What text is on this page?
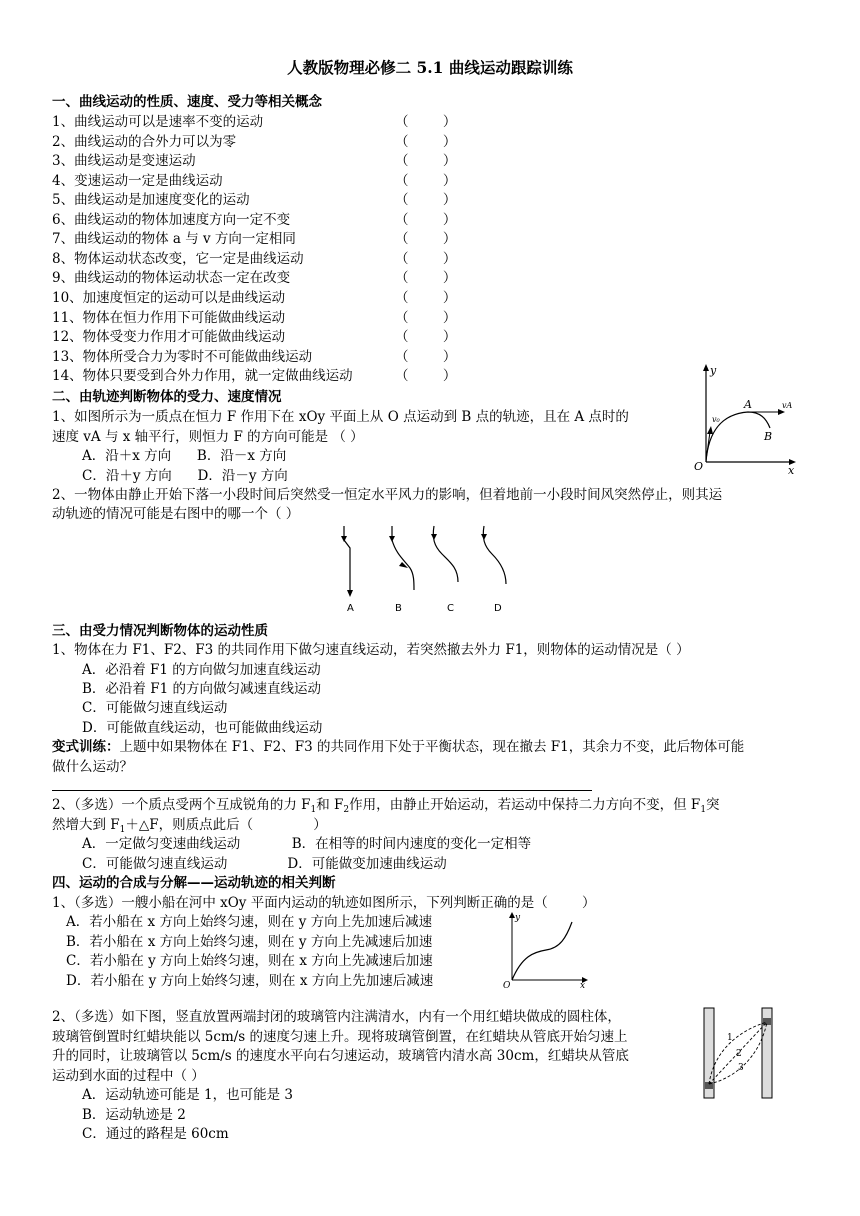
人教版物理必修二 5.1 曲线运动跟踪训练
一、曲线运动的性质、速度、受力等相关概念
1、曲线运动可以是速率不变的运动	（        ）
2、曲线运动的合外力可以为零	（        ）
3、曲线运动是变速运动	（        ）
4、变速运动一定是曲线运动	（        ）
5、曲线运动是加速度变化的运动	（        ）
6、曲线运动的物体加速度方向一定不变	（        ）
7、曲线运动的物体 a 与 v 方向一定相同	（        ）
8、物体运动状态改变，它一定是曲线运动	（        ）
9、曲线运动的物体运动状态一定在改变	（        ）
10、加速度恒定的运动可以是曲线运动	（        ）
11、物体在恒力作用下可能做曲线运动	（        ）
12、物体受变力作用才可能做曲线运动	（        ）
13、物体所受合力为零时不可能做曲线运动	（        ）
14、物体只要受到合外力作用，就一定做曲线运动	（        ）
二、由轨迹判断物体的受力、速度情况
1、如图所示为一质点在恒力 F 作用下在 xOy 平面上从 O 点运动到 B 点的轨迹，且在 A 点时的
速度 vA 与 x 轴平行，则恒力 F 的方向可能是 （ ）
A．沿＋x 方向      B．沿－x 方向
C．沿＋y 方向      D．沿－y 方向
2、一物体由静止开始下落一小段时间后突然受一恒定水平风力的影响，但着地前一小段时间风突然停止，则其运
动轨迹的情况可能是右图中的哪一个（ ）
y
x
O
v₀
A
B
vA
A	B	C	D
三、由受力情况判断物体的运动性质
1、物体在力 F1、F2、F3 的共同作用下做匀速直线运动，若突然撤去外力 F1，则物体的运动情况是（ ）
A．必沿着 F1 的方向做匀加速直线运动
B．必沿着 F1 的方向做匀减速直线运动
C．可能做匀速直线运动
D．可能做直线运动，也可能做曲线运动
变式训练：上题中如果物体在 F1、F2、F3 的共同作用下处于平衡状态，现在撤去 F1，其余力不变，此后物体可能
做什么运动？
2、（多选）一个质点受两个互成锐角的力 $F_1$和 $F_2$作用，由静止开始运动，若运动中保持二力方向不变，但 $F_1$突
然增大到 $F_1+\triangle F$，则质点此后（              ）
A．一定做匀变速曲线运动            B．在相等的时间内速度的变化一定相等
C．可能做匀速直线运动              D．可能做变加速曲线运动
四、运动的合成与分解——运动轨迹的相关判断
1、（多选）一艘小船在河中 xOy 平面内运动的轨迹如图所示，下列判断正确的是（        ）
A．若小船在 x 方向上始终匀速，则在 y 方向上先加速后减速
B．若小船在 x 方向上始终匀速，则在 y 方向上先减速后加速
C．若小船在 y 方向上始终匀速，则在 x 方向上先减速后加速
D．若小船在 y 方向上始终匀速，则在 x 方向上先加速后减速
y
x
O
2、（多选）如下图，竖直放置两端封闭的玻璃管内注满清水，内有一个用红蜡块做成的圆柱体，
玻璃管倒置时红蜡块能以 5cm/s 的速度匀速上升。现将玻璃管倒置，在红蜡块从管底开始匀速上
升的同时，让玻璃管以 5cm/s 的速度水平向右匀速运动，玻璃管内清水高 30cm，红蜡块从管底
运动到水面的过程中（ ）
A．运动轨迹可能是 1，也可能是 3
B．运动轨迹是 2
C．通过的路程是 60cm
1
2
3
